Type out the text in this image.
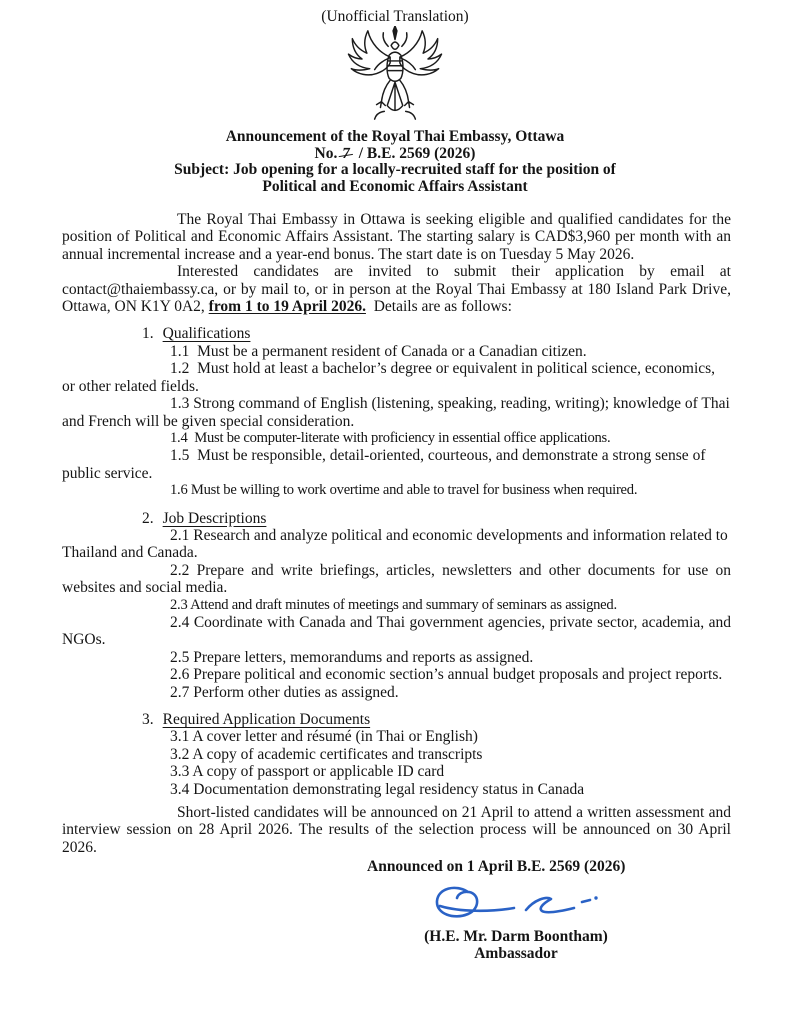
(Unofficial Translation)
Announcement of the Royal Thai Embassy, Ottawa
No. 7  / B.E. 2569 (2026)
Subject: Job opening for a locally-recruited staff for the position of
Political and Economic Affairs Assistant

The Royal Thai Embassy in Ottawa is seeking eligible and qualified candidates for the position of Political and Economic Affairs Assistant. The starting salary is CAD$3,960 per month with an annual incremental increase and a year-end bonus. The start date is on Tuesday 5 May 2026.

Interested candidates are invited to submit their application by email at contact@thaiembassy.ca, or by mail to, or in person at the Royal Thai Embassy at 180 Island Park Drive, Ottawa, ON K1Y 0A2, from 1 to 19 April 2026.  Details are as follows:

1. Qualifications
1.1  Must be a permanent resident of Canada or a Canadian citizen.
1.2  Must hold at least a bachelor’s degree or equivalent in political science, economics, or other related fields.
1.3 Strong command of English (listening, speaking, reading, writing); knowledge of Thai and French will be given special consideration.
1.4  Must be computer-literate with proficiency in essential office applications.
1.5  Must be responsible, detail-oriented, courteous, and demonstrate a strong sense of public service.
1.6 Must be willing to work overtime and able to travel for business when required.
2. Job Descriptions
2.1 Research and analyze political and economic developments and information related to Thailand and Canada.
2.2 Prepare and write briefings, articles, newsletters and other documents for use on websites and social media.
2.3 Attend and draft minutes of meetings and summary of seminars as assigned.
2.4 Coordinate with Canada and Thai government agencies, private sector, academia, and NGOs.
2.5 Prepare letters, memorandums and reports as assigned.
2.6 Prepare political and economic section’s annual budget proposals and project reports.
2.7 Perform other duties as assigned.
3. Required Application Documents
3.1 A cover letter and résumé (in Thai or English)
3.2 A copy of academic certificates and transcripts
3.3 A copy of passport or applicable ID card
3.4 Documentation demonstrating legal residency status in Canada

Short-listed candidates will be announced on 21 April to attend a written assessment and interview session on 28 April 2026. The results of the selection process will be announced on 30 April 2026.

Announced on 1 April B.E. 2569 (2026)
(H.E. Mr. Darm Boontham)
Ambassador
